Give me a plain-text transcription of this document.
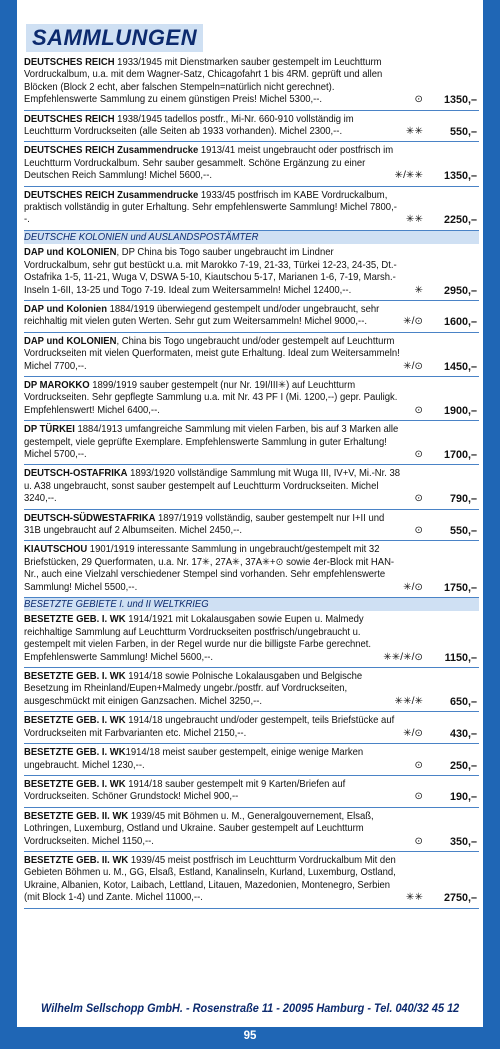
SAMMLUNGEN
DEUTSCHES REICH 1933/1945 mit Dienstmarken sauber gestempelt im Leuchtturm Vordruckalbum, u.a. mit dem Wagner-Satz, Chicagofahrt 1 bis 4RM. geprüft und allen Blöcken (Block 2 echt, aber falschen Stempeln=natürlich nicht gerechnet). Empfehlenswerte Sammlung zu einem günstigen Preis! Michel 5300,--.	⊙ 1350,–
DEUTSCHES REICH 1938/1945 tadellos postfr., Mi-Nr. 660-910 vollständig im Leuchtturm Vordruckseiten (alle Seiten ab 1933 vorhanden). Michel 2300,--.	✳✳ 550,–
DEUTSCHES REICH Zusammendrucke 1913/41 meist ungebraucht oder postfrisch im Leuchtturm Vordruckalbum. Sehr sauber gesammelt. Schöne Ergänzung zu einer Deutschen Reich Sammlung! Michel 5600,--.	✳/✳✳ 1350,–
DEUTSCHES REICH Zusammendrucke 1933/45 postfrisch im KABE Vordruckalbum, praktisch vollständig in guter Erhaltung. Sehr empfehlenswerte Sammlung! Michel 7800,--.	✳✳ 2250,–
DEUTSCHE KOLONIEN und AUSLANDSPOSTÄMTER
DAP und KOLONIEN, DP China bis Togo sauber ungebraucht im Lindner Vordruckalbum, sehr gut bestückt u.a. mit Marokko 7-19, 21-33, Türkei 12-23, 24-35, Dt.-Ostafrika 1-5, 11-21, Wuga V, DSWA 5-10, Kiautschou 5-17, Marianen 1-6, 7-19, Marsh.-Inseln 1-6II, 13-25 und Togo 7-19. Ideal zum Weitersammeln! Michel 12400,--.	✳ 2950,–
DAP und Kolonien 1884/1919 überwiegend gestempelt und/oder ungebraucht, sehr reichhaltig mit vielen guten Werten. Sehr gut zum Weitersammeln! Michel 9000,--.	✳/⊙ 1600,–
DAP und KOLONIEN, China bis Togo ungebraucht und/oder gestempelt auf Leuchtturm Vordruckseiten mit vielen Querformaten, meist gute Erhaltung. Ideal zum Weitersammeln! Michel 7700,--.	✳/⊙ 1450,–
DP MAROKKO 1899/1919 sauber gestempelt (nur Nr. 19I/III✳) auf Leuchtturm Vordruckseiten. Sehr gepflegte Sammlung u.a. mit Nr. 43 PF I (Mi. 1200,--) gepr. Pauligk. Empfehlenswert! Michel 6400,--.	⊙ 1900,–
DP TÜRKEI 1884/1913 umfangreiche Sammlung mit vielen Farben, bis auf 3 Marken alle gestempelt, viele geprüfte Exemplare. Empfehlenswerte Sammlung in guter Erhaltung! Michel 5700,--.	⊙ 1700,–
DEUTSCH-OSTAFRIKA 1893/1920 vollständige Sammlung mit Wuga III, IV+V, Mi.-Nr. 38 u. A38 ungebraucht, sonst sauber gestempelt auf Leuchtturm Vordruckseiten. Michel 3240,--.	⊙ 790,–
DEUTSCH-SÜDWESTAFRIKA 1897/1919 vollständig, sauber gestempelt nur I+II und 31B ungebraucht auf 2 Albumseiten. Michel 2450,--.	⊙ 550,–
KIAUTSCHOU 1901/1919 interessante Sammlung in ungebraucht/gestempelt mit 32 Briefstücken, 29 Querformaten, u.a. Nr. 17✳, 27A✳, 37A✳+⊙ sowie 4er-Block mit HAN-Nr., auch eine Vielzahl verschiedener Stempel sind vorhanden. Sehr empfehlenswerte Sammlung! Michel 5500,--.	✳/⊙ 1750,–
BESETZTE GEBIETE I. und II WELTKRIEG
BESETZTE GEB. I. WK 1914/1921 mit Lokalausgaben sowie Eupen u. Malmedy reichhaltige Sammlung auf Leuchtturm Vordruckseiten postfrisch/ungebraucht u. gestempelt mit vielen Farben, in der Regel wurde nur die billigste Farbe gerechnet. Empfehlenswerte Sammlung! Michel 5600,--.	✳✳/✳/⊙ 1150,–
BESETZTE GEB. I. WK 1914/18 sowie Polnische Lokalausgaben und Belgische Besetzung im Rheinland/Eupen+Malmedy ungebr./postfr. auf Vordruckseiten, ausgeschmückt mit einigen Ganzsachen. Michel 3250,--.	✳✳/✳ 650,–
BESETZTE GEB. I. WK 1914/18 ungebraucht und/oder gestempelt, teils Briefstücke auf Vordruckseiten mit Farbvarianten etc. Michel 2150,--.	✳/⊙ 430,–
BESETZTE GEB. I. WK1914/18 meist sauber gestempelt, einige wenige Marken ungebraucht. Michel 1230,--.	⊙ 250,–
BESETZTE GEB. I. WK 1914/18 sauber gestempelt mit 9 Karten/Briefen auf Vordruckseiten. Schöner Grundstock! Michel 900,--	⊙ 190,–
BESETZTE GEB. II. WK 1939/45 mit Böhmen u. M., Generalgouvernement, Elsaß, Lothringen, Luxemburg, Ostland und Ukraine. Sauber gestempelt auf Leuchtturm Vordruckseiten. Michel 1150,--.	⊙ 350,–
BESETZTE GEB. II. WK 1939/45 meist postfrisch im Leuchtturm Vordruckalbum Mit den Gebieten Böhmen u. M., GG, Elsaß, Estland, Kanalinseln, Kurland, Luxemburg, Ostland, Ukraine, Albanien, Kotor, Laibach, Lettland, Litauen, Mazedonien, Montenegro, Serbien (mit Block 1-4) und Zante. Michel 11000,--.	✳✳ 2750,–
Wilhelm Sellschopp GmbH. - Rosenstraße 11 - 20095 Hamburg - Tel. 040/32 45 12
95
